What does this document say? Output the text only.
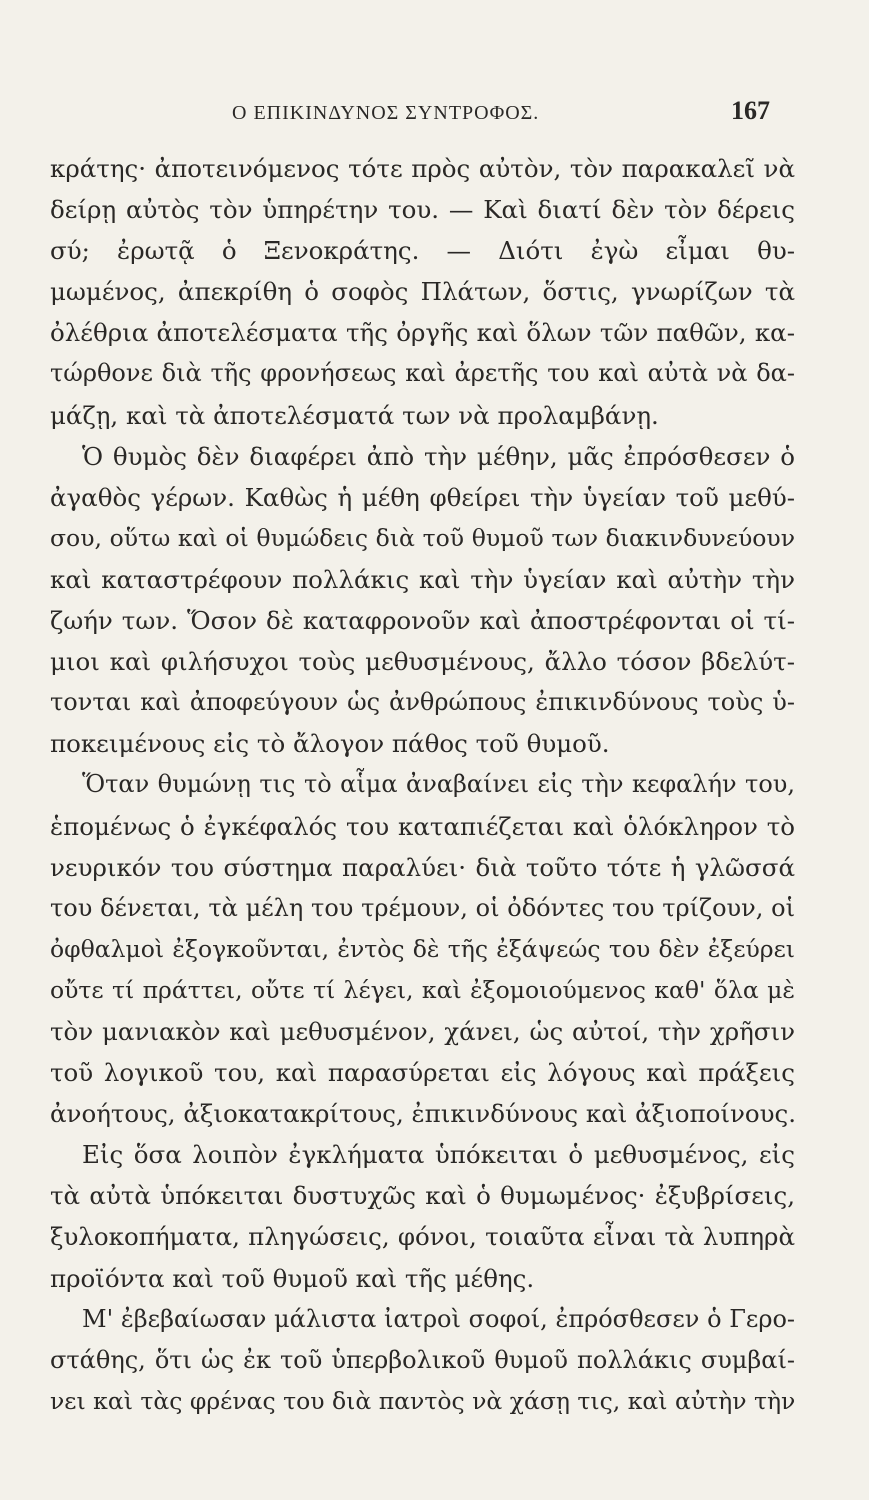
Ο ΕΠΙΚΙΝΔΥΝΟΣ ΣΥΝΤΡΟΦΟΣ.	167
κράτης· ἀποτεινόμενος τότε πρὸς αὐτὸν, τὸν παρακαλεῖ νὰ
δείρῃ αὐτὸς τὸν ὑπηρέτην του. — Καὶ διατί δὲν τὸν δέρεις
σύ; ἐρωτᾷ ὁ Ξενοκράτης. — Διότι ἐγὼ εἶμαι θυ-
μωμένος, ἀπεκρίθη ὁ σοφὸς Πλάτων, ὅστις, γνωρίζων τὰ
ὀλέθρια ἀποτελέσματα τῆς ὀργῆς καὶ ὅλων τῶν παθῶν, κα-
τώρθονε διὰ τῆς φρονήσεως καὶ ἀρετῆς του καὶ αὐτὰ νὰ δα-
μάζῃ, καὶ τὰ ἀποτελέσματά των νὰ προλαμβάνῃ.
Ὁ θυμὸς δὲν διαφέρει ἀπὸ τὴν μέθην, μᾶς ἐπρόσθεσεν ὁ
ἀγαθὸς γέρων. Καθὼς ἡ μέθη φθείρει τὴν ὑγείαν τοῦ μεθύ-
σου, οὕτω καὶ οἱ θυμώδεις διὰ τοῦ θυμοῦ των διακινδυνεύουν
καὶ καταστρέφουν πολλάκις καὶ τὴν ὑγείαν καὶ αὐτὴν τὴν
ζωήν των. Ὅσον δὲ καταφρονοῦν καὶ ἀποστρέφονται οἱ τί-
μιοι καὶ φιλήσυχοι τοὺς μεθυσμένους, ἄλλο τόσον βδελύτ-
τονται καὶ ἀποφεύγουν ὡς ἀνθρώπους ἐπικινδύνους τοὺς ὑ-
ποκειμένους εἰς τὸ ἄλογον πάθος τοῦ θυμοῦ.
Ὅταν θυμώνῃ τις τὸ αἷμα ἀναβαίνει εἰς τὴν κεφαλήν του,
ἑπομένως ὁ ἐγκέφαλός του καταπιέζεται καὶ ὁλόκληρον τὸ
νευρικόν του σύστημα παραλύει· διὰ τοῦτο τότε ἡ γλῶσσά
του δένεται, τὰ μέλη του τρέμουν, οἱ ὀδόντες του τρίζουν, οἱ
ὀφθαλμοὶ ἐξογκοῦνται, ἐντὸς δὲ τῆς ἐξάψεώς του δὲν ἐξεύρει
οὔτε τί πράττει, οὔτε τί λέγει, καὶ ἐξομοιούμενος καθ' ὅλα μὲ
τὸν μανιακὸν καὶ μεθυσμένον, χάνει, ὡς αὐτοί, τὴν χρῆσιν
τοῦ λογικοῦ του, καὶ παρασύρεται εἰς λόγους καὶ πράξεις
ἀνοήτους, ἀξιοκατακρίτους, ἐπικινδύνους καὶ ἀξιοποίνους.
Εἰς ὅσα λοιπὸν ἐγκλήματα ὑπόκειται ὁ μεθυσμένος, εἰς
τὰ αὐτὰ ὑπόκειται δυστυχῶς καὶ ὁ θυμωμένος· ἐξυβρίσεις,
ξυλοκοπήματα, πληγώσεις, φόνοι, τοιαῦτα εἶναι τὰ λυπηρὰ
προϊόντα καὶ τοῦ θυμοῦ καὶ τῆς μέθης.
Μ' ἐβεβαίωσαν μάλιστα ἰατροὶ σοφοί, ἐπρόσθεσεν ὁ Γερο-
στάθης, ὅτι ὡς ἐκ τοῦ ὑπερβολικοῦ θυμοῦ πολλάκις συμβαί-
νει καὶ τὰς φρένας του διὰ παντὸς νὰ χάσῃ τις, καὶ αὐτὴν τὴν
